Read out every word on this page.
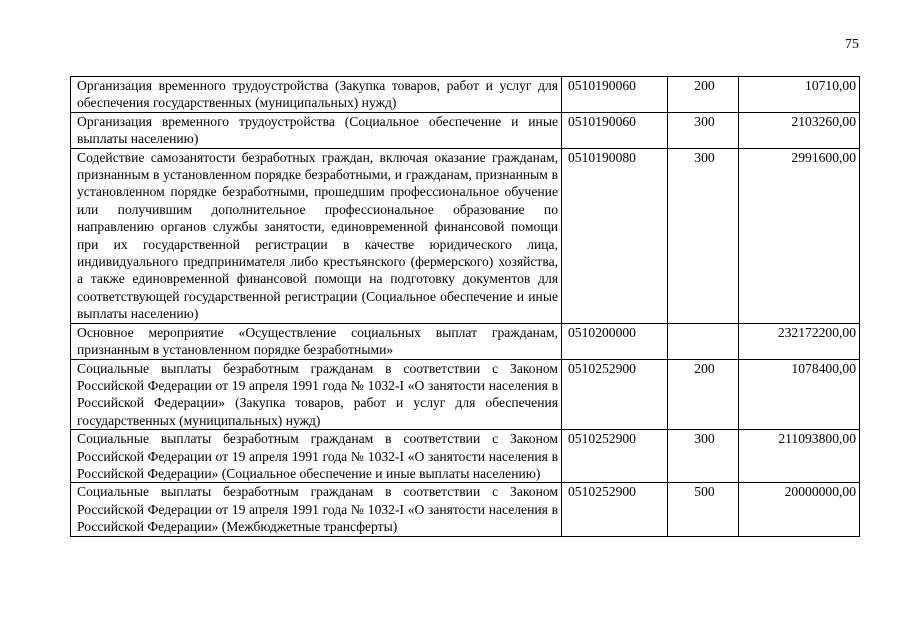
75
Организация временного трудоустройства (Закупка товаров, работ и услуг для обеспечения государственных (муниципальных) нужд)	0510190060	200	10710,00
Организация временного трудоустройства (Социальное обеспечение и иные выплаты населению)	0510190060	300	2103260,00
Содействие самозанятости безработных граждан, включая оказание гражданам, признанным в установленном порядке безработными, и гражданам, признанным в установленном порядке безработными, прошедшим профессиональное обучение или получившим дополнительное профессиональное образование по направлению органов службы занятости, единовременной финансовой помощи при их государственной регистрации в качестве юридического лица, индивидуального предпринимателя либо крестьянского (фермерского) хозяйства, а также единовременной финансовой помощи на подготовку документов для соответствующей государственной регистрации (Социальное обеспечение и иные выплаты населению)	0510190080	300	2991600,00
Основное мероприятие «Осуществление социальных выплат гражданам, признанным в установленном порядке безработными»	0510200000		232172200,00
Социальные выплаты безработным гражданам в соответствии с Законом Российской Федерации от 19 апреля 1991 года № 1032-I «О занятости населения в Российской Федерации» (Закупка товаров, работ и услуг для обеспечения государственных (муниципальных) нужд)	0510252900	200	1078400,00
Социальные выплаты безработным гражданам в соответствии с Законом Российской Федерации от 19 апреля 1991 года № 1032-I «О занятости населения в Российской Федерации» (Социальное обеспечение и иные выплаты населению)	0510252900	300	211093800,00
Социальные выплаты безработным гражданам в соответствии с Законом Российской Федерации от 19 апреля 1991 года № 1032-I «О занятости населения в Российской Федерации» (Межбюджетные трансферты)	0510252900	500	20000000,00
